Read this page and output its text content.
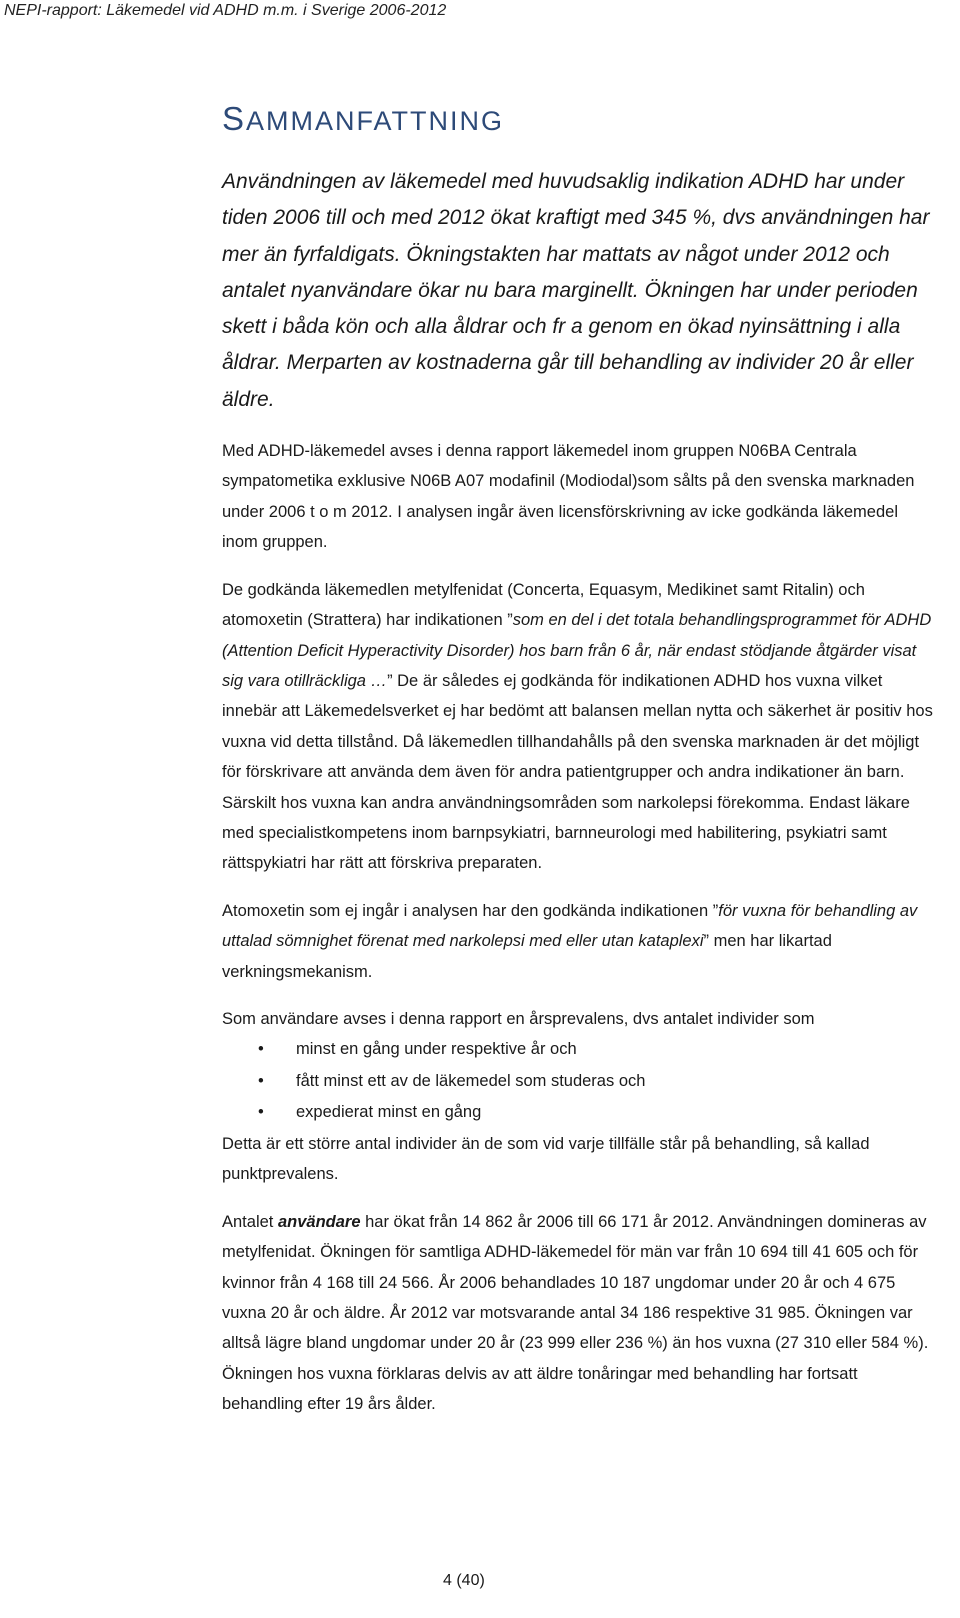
NEPI-rapport: Läkemedel vid ADHD m.m. i Sverige 2006-2012
SAMMANFATTNING

Användningen av läkemedel med huvudsaklig indikation ADHD har under tiden 2006 till och med 2012 ökat kraftigt med 345 %, dvs användningen har mer än fyrfaldigats. Ökningstakten har mattats av något under 2012 och antalet nyanvändare ökar nu bara marginellt. Ökningen har under perioden skett i båda kön och alla åldrar och fr a genom en ökad nyinsättning i alla åldrar. Merparten av kostnaderna går till behandling av individer 20 år eller äldre.

Med ADHD-läkemedel avses i denna rapport läkemedel inom gruppen N06BA Centrala sympatometika exklusive N06B A07 modafinil (Modiodal)som sålts på den svenska marknaden under 2006 t o m 2012. I analysen ingår även licensförskrivning av icke godkända läkemedel inom gruppen.

De godkända läkemedlen metylfenidat (Concerta, Equasym, Medikinet samt Ritalin) och atomoxetin (Strattera) har indikationen ”som en del i det totala behandlingsprogrammet för ADHD (Attention Deficit Hyperactivity Disorder) hos barn från 6 år, när endast stödjande åtgärder visat sig vara otillräckliga …” De är således ej godkända för indikationen ADHD hos vuxna vilket innebär att Läkemedelsverket ej har bedömt att balansen mellan nytta och säkerhet är positiv hos vuxna vid detta tillstånd. Då läkemedlen tillhandahålls på den svenska marknaden är det möjligt för förskrivare att använda dem även för andra patientgrupper och andra indikationer än barn. Särskilt hos vuxna kan andra användningsområden som narkolepsi förekomma. Endast läkare med specialistkompetens inom barnpsykiatri, barnneurologi med habilitering, psykiatri samt rättspykiatri har rätt att förskriva preparaten.

Atomoxetin som ej ingår i analysen har den godkända indikationen ”för vuxna för behandling av uttalad sömnighet förenat med narkolepsi med eller utan kataplexi” men har likartad verkningsmekanism.

Som användare avses i denna rapport en årsprevalens, dvs antalet individer som

• minst en gång under respektive år och
• fått minst ett av de läkemedel som studeras och
• expedierat minst en gång

Detta är ett större antal individer än de som vid varje tillfälle står på behandling, så kallad punktprevalens.

Antalet användare har ökat från 14 862 år 2006 till 66 171 år 2012. Användningen domineras av metylfenidat. Ökningen för samtliga ADHD-läkemedel för män var från 10 694 till 41 605 och för kvinnor från 4 168 till 24 566. År 2006 behandlades 10 187 ungdomar under 20 år och 4 675 vuxna 20 år och äldre. År 2012 var motsvarande antal 34 186 respektive 31 985. Ökningen var alltså lägre bland ungdomar under 20 år (23 999 eller 236 %) än hos vuxna (27 310 eller 584 %). Ökningen hos vuxna förklaras delvis av att äldre tonåringar med behandling har fortsatt behandling efter 19 års ålder.

4 (40)
